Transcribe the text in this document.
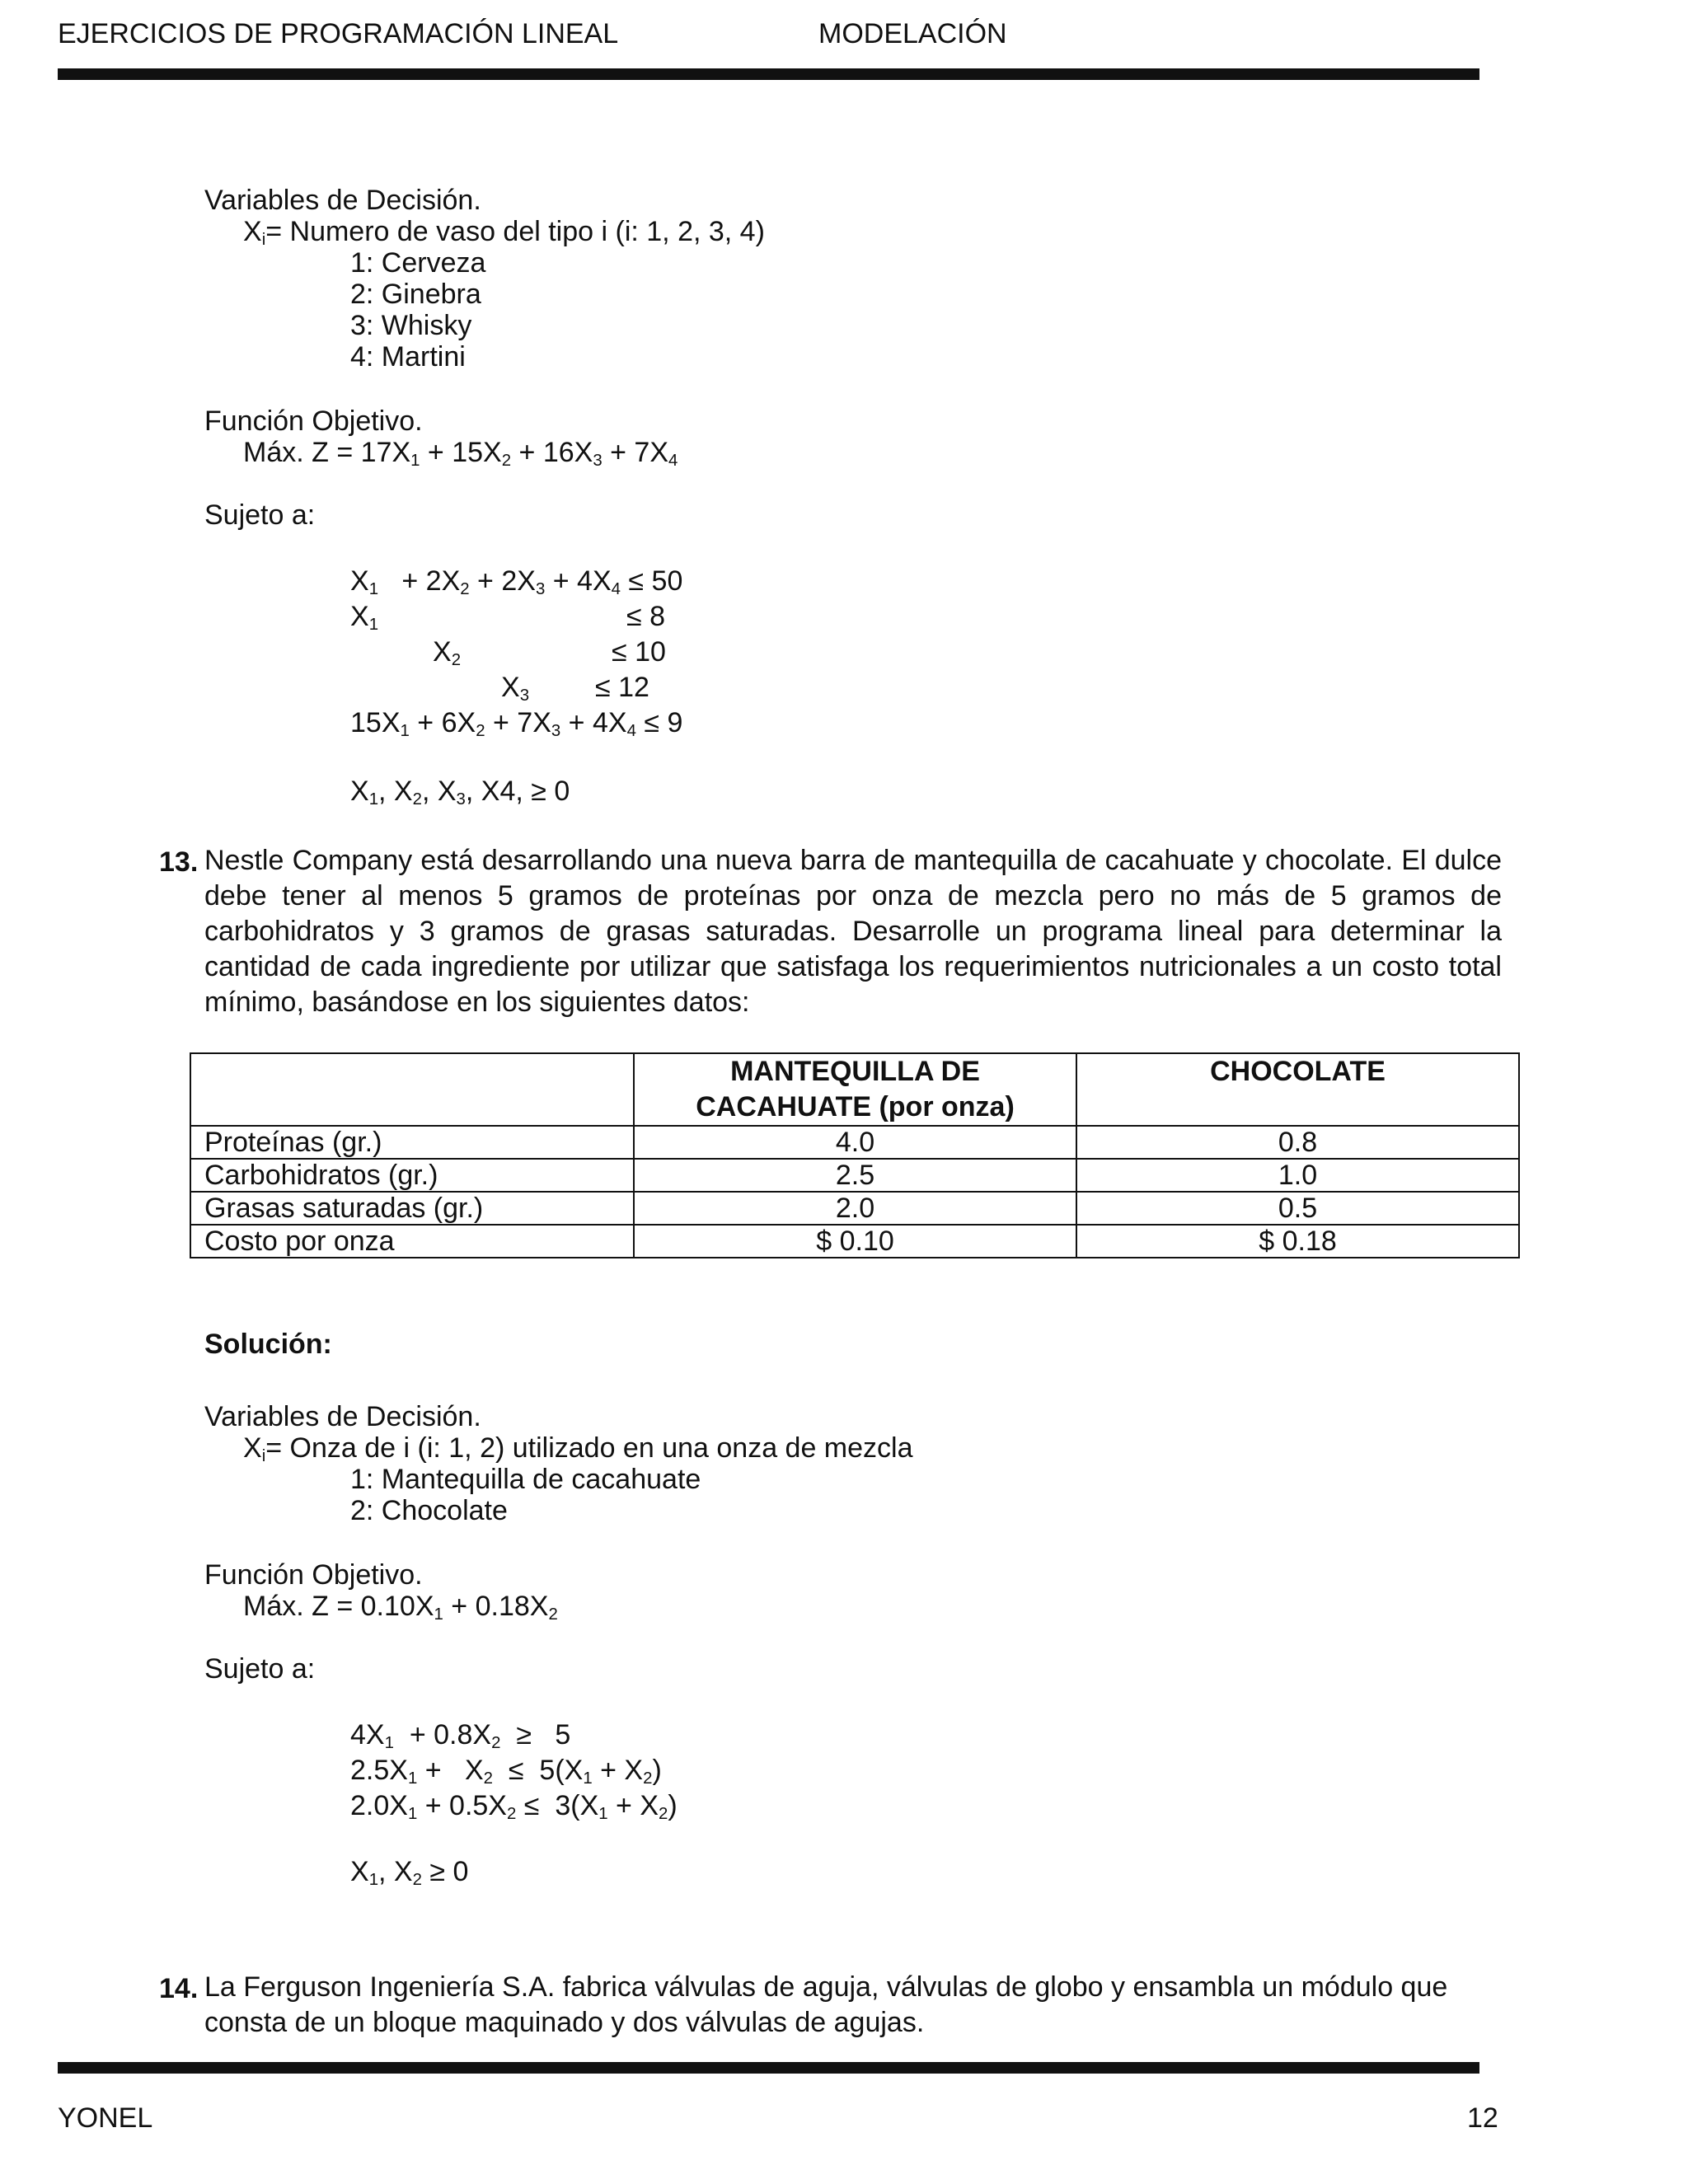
EJERCICIOS DE PROGRAMACIÓN LINEAL	MODELACIÓN
Variables de Decisión.
$X_i=$ Numero de vaso del tipo i (i: 1, 2, 3, 4)
1: Cerveza
2: Ginebra
3: Whisky
4: Martini
Función Objetivo.
Máx. $Z = 17X_1 + 15X_2 + 16X_3 + 7X_4$
Sujeto a:
$X_1 + 2X_2 + 2X_3 + 4X_4 \le 50$
$X_1$	≤ 8
$X_2$	≤ 10
$X_3 \le 12$
$15X_1 + 6X_2 + 7X_3 + 4X_4 \le 9$
$X_1$, $X_2$, $X_3$, X4, ≥ 0
13. Nestle Company está desarrollando una nueva barra de mantequilla de cacahuate y chocolate. El dulce debe tener al menos 5 gramos de proteínas por onza de mezcla pero no más de 5 gramos de carbohidratos y 3 gramos de grasas saturadas. Desarrolle un programa lineal para determinar la cantidad de cada ingrediente por utilizar que satisfaga los requerimientos nutricionales a un costo total mínimo, basándose en los siguientes datos:
	MANTEQUILLA DE CACAHUATE (por onza)	CHOCOLATE
Proteínas (gr.)	4.0	0.8
Carbohidratos (gr.)	2.5	1.0
Grasas saturadas (gr.)	2.0	0.5
Costo por onza	$ 0.10	$ 0.18
Solución:
Variables de Decisión.
$X_i=$ Onza de i (i: 1, 2) utilizado en una onza de mezcla
1: Mantequilla de cacahuate
2: Chocolate
Función Objetivo.
Máx. $Z = 0.10X_1 + 0.18X_2$
Sujeto a:
$4X_1 + 0.8X_2 \ge 5$
$2.5X_1 + X_2 \le 5(X_1 + X_2)$
$2.0X_1 + 0.5X_2 \le 3(X_1 + X_2)$
$X_1$, $X_2 \ge 0$
14. La Ferguson Ingeniería S.A. fabrica válvulas de aguja, válvulas de globo y ensambla un módulo que consta de un bloque maquinado y dos válvulas de agujas.
YONEL	12
